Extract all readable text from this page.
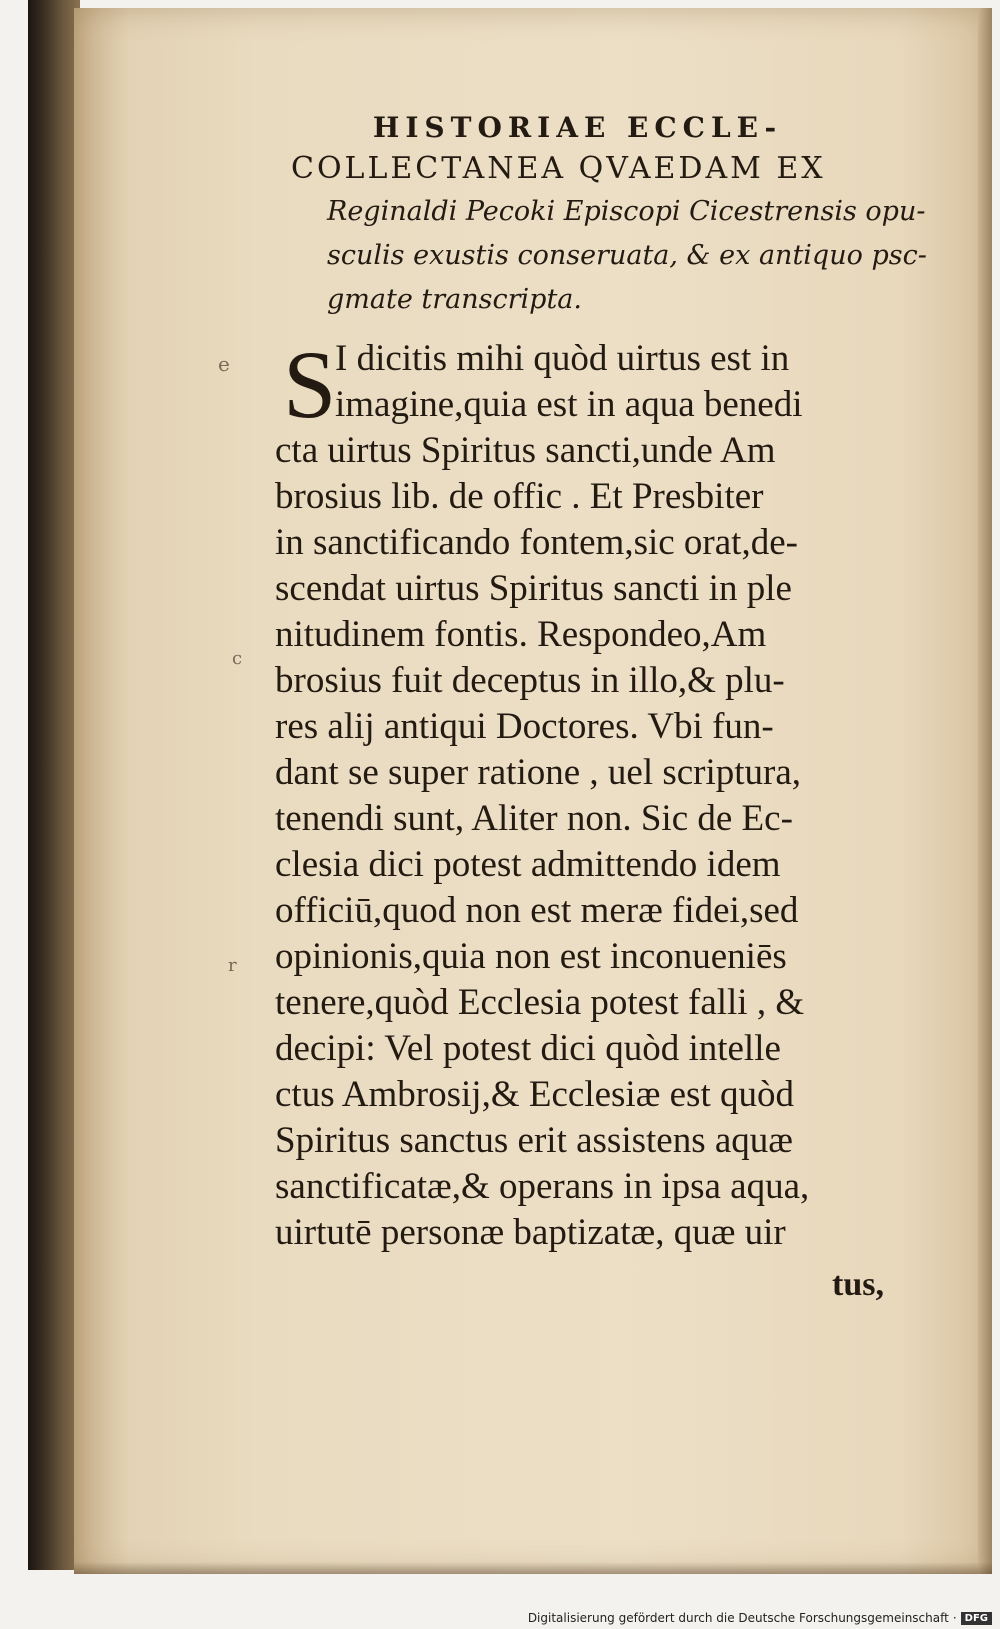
e
c
r
HISTORIAE ECCLE-
COLLECTANEA QVAEDAM EX
Reginaldi Pecoki Episcopi Cicestrensis opu-
sculis exustis conseruata, & ex antiquo psc-
gmate transcripta.
S
I dicitis mihi quòd uirtus est in
imagine,quia est in aqua benedi
cta uirtus Spiritus sancti,unde Am
brosius lib. de offic . Et Presbiter
in sanctificando fontem,sic orat,de-
scendat uirtus Spiritus sancti in ple
nitudinem fontis. Respondeo,Am
brosius fuit deceptus in illo,& plu-
res alij antiqui Doctores. Vbi fun-
dant se super ratione , uel scriptura,
tenendi sunt, Aliter non. Sic de Ec-
clesia dici potest admittendo idem
officiū,quod non est meræ fidei,sed
opinionis,quia non est inconueniēs
tenere,quòd Ecclesia potest falli , &
decipi: Vel potest dici quòd intelle
ctus Ambrosij,& Ecclesiæ est quòd
Spiritus sanctus erit assistens aquæ
sanctificatæ,& operans in ipsa aqua,
uirtutē personæ baptizatæ, quæ uir
tus,
Digitalisierung gefördert durch die Deutsche Forschungsgemeinschaft · DFG
